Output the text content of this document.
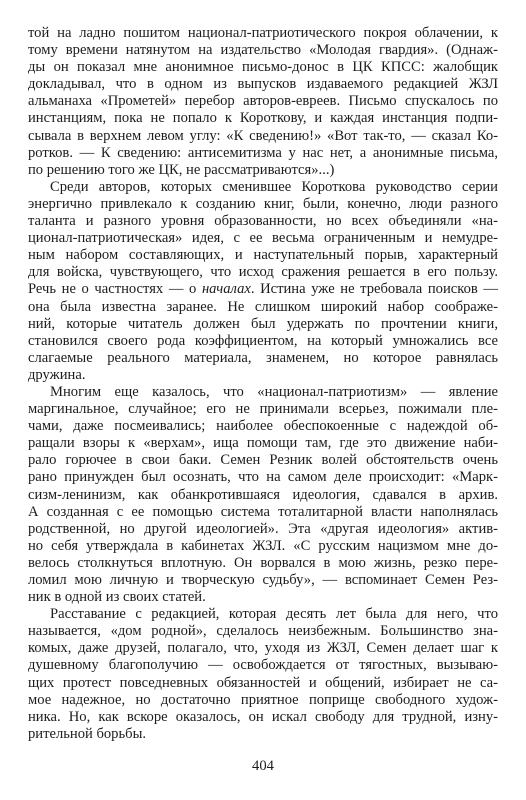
той на ладно пошитом национал-патриотического покроя облачении, к
тому времени натянутом на издательство «Молодая гвардия». (Однаж-
ды он показал мне анонимное письмо-донос в ЦК КПСС: жалобщик
докладывал, что в одном из выпусков издаваемого редакцией ЖЗЛ
альманаха «Прометей» перебор авторов-евреев. Письмо спускалось по
инстанциям, пока не попало к Короткову, и каждая инстанция подпи-
сывала в верхнем левом углу: «К сведению!» «Вот так-то, — сказал Ко-
ротков. — К сведению: антисемитизма у нас нет, а анонимные письма,
по решению того же ЦК, не рассматриваются»...)
Среди авторов, которых сменившее Короткова руководство серии
энергично привлекало к созданию книг, были, конечно, люди разного
таланта и разного уровня образованности, но всех объединяли «на-
ционал-патриотическая» идея, с ее весьма ограниченным и немудре-
ным набором составляющих, и наступательный порыв, характерный
для войска, чувствующего, что исход сражения решается в его пользу.
Речь не о частностях — о началах. Истина уже не требовала поисков —
она была известна заранее. Не слишком широкий набор соображе-
ний, которые читатель должен был удержать по прочтении книги,
становился своего рода коэффициентом, на который умножались все
слагаемые реального материала, знаменем, но которое равнялась
дружина.
Многим еще казалось, что «национал-патриотизм» — явление
маргинальное, случайное; его не принимали всерьез, пожимали пле-
чами, даже посмеивались; наиболее обеспокоенные с надеждой об-
ращали взоры к «верхам», ища помощи там, где это движение наби-
рало горючее в свои баки. Семен Резник волей обстоятельств очень
рано принужден был осознать, что на самом деле происходит: «Марк-
сизм-ленинизм, как обанкротившаяся идеология, сдавался в архив.
А созданная с ее помощью система тоталитарной власти наполнялась
родственной, но другой идеологией». Эта «другая идеология» актив-
но себя утверждала в кабинетах ЖЗЛ. «С русским нацизмом мне до-
велось столкнуться вплотную. Он ворвался в мою жизнь, резко пере-
ломил мою личную и творческую судьбу», — вспоминает Семен Рез-
ник в одной из своих статей.
Расставание с редакцией, которая десять лет была для него, что
называется, «дом родной», сделалось неизбежным. Большинство зна-
комых, даже друзей, полагало, что, уходя из ЖЗЛ, Семен делает шаг к
душевному благополучию — освобождается от тягостных, вызываю-
щих протест повседневных обязанностей и общений, избирает не са-
мое надежное, но достаточно приятное поприще свободного худож-
ника. Но, как вскоре оказалось, он искал свободу для трудной, изну-
рительной борьбы.
404
